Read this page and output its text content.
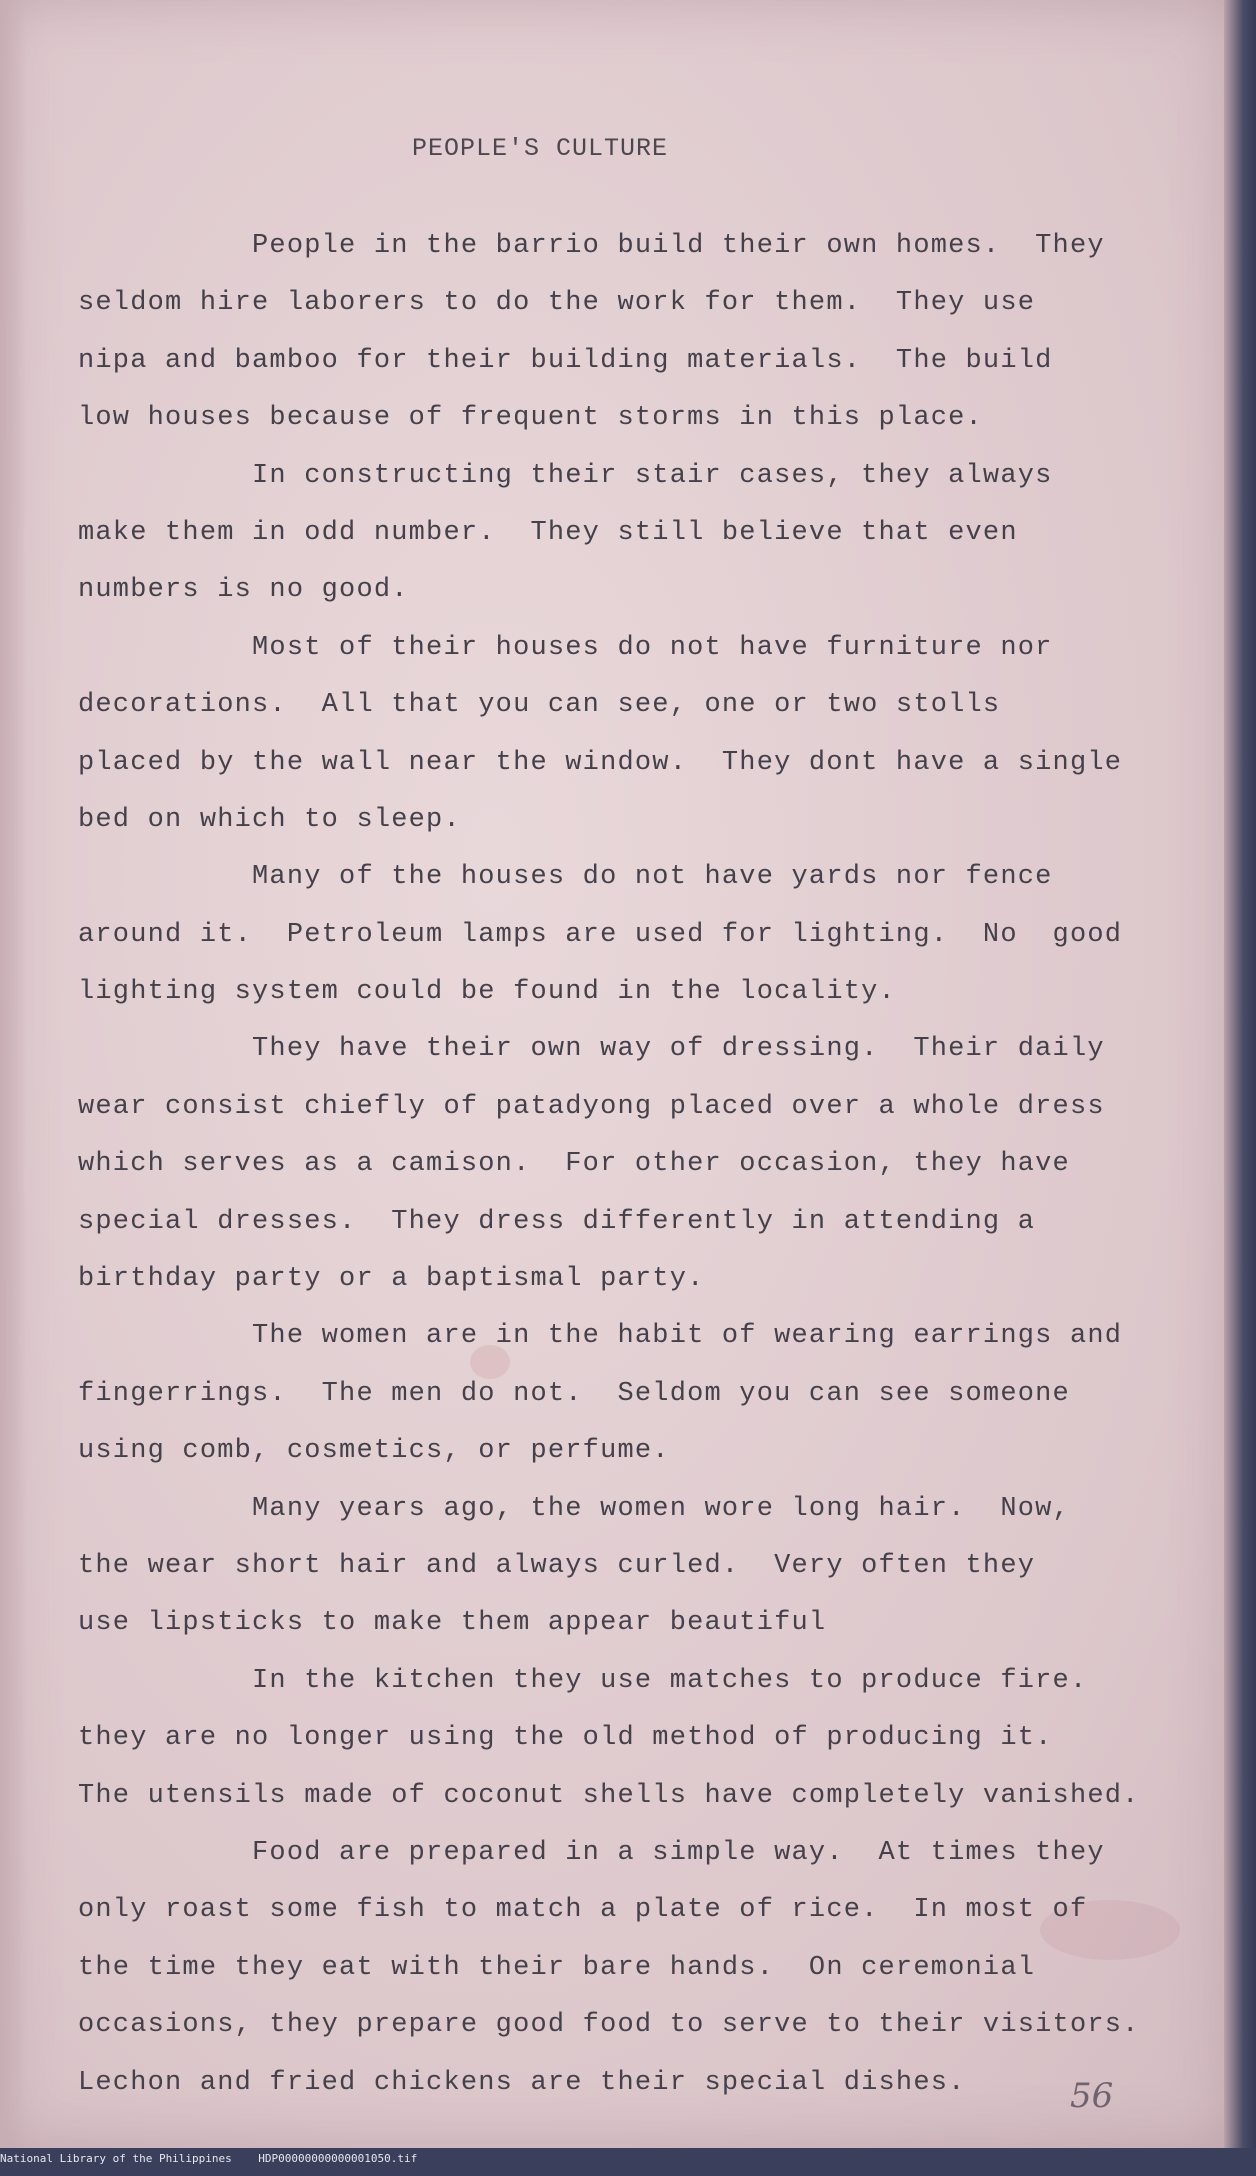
PEOPLE'S CULTURE
People in the barrio build their own homes.  They
seldom hire laborers to do the work for them.  They use
nipa and bamboo for their building materials.  The build
low houses because of frequent storms in this place.
In constructing their stair cases, they always
make them in odd number.  They still believe that even
numbers is no good.
Most of their houses do not have furniture nor
decorations.  All that you can see, one or two stolls
placed by the wall near the window.  They dont have a single
bed on which to sleep.
Many of the houses do not have yards nor fence
around it.  Petroleum lamps are used for lighting.  No  good
lighting system could be found in the locality.
They have their own way of dressing.  Their daily
wear consist chiefly of patadyong placed over a whole dress
which serves as a camison.  For other occasion, they have
special dresses.  They dress differently in attending a
birthday party or a baptismal party.
The women are in the habit of wearing earrings and
fingerrings.  The men do not.  Seldom you can see someone
using comb, cosmetics, or perfume.
Many years ago, the women wore long hair.  Now,
the wear short hair and always curled.  Very often they
use lipsticks to make them appear beautiful
In the kitchen they use matches to produce fire.
they are no longer using the old method of producing it.
The utensils made of coconut shells have completely vanished.
Food are prepared in a simple way.  At times they
only roast some fish to match a plate of rice.  In most of
the time they eat with their bare hands.  On ceremonial
occasions, they prepare good food to serve to their visitors.
Lechon and fried chickens are their special dishes.	56
National Library of the Philippines    HDP00000000000001050.tif
